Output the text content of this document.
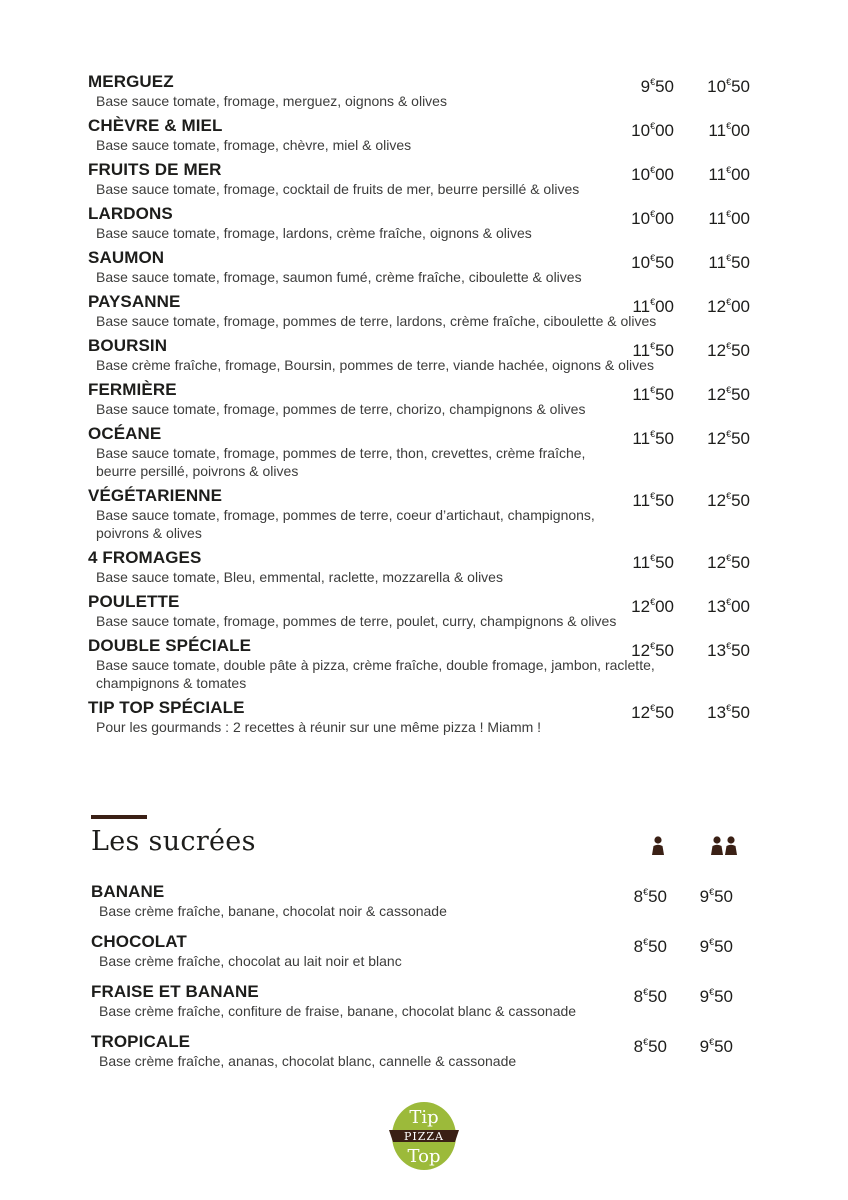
MERGUEZ	9€50 10€50
Base sauce tomate, fromage, merguez, oignons & olives
CHÈVRE & MIEL	10€00 11€00
Base sauce tomate, fromage, chèvre, miel & olives
FRUITS DE MER	10€00 11€00
Base sauce tomate, fromage, cocktail de fruits de mer, beurre persillé & olives
LARDONS	10€00 11€00
Base sauce tomate, fromage, lardons, crème fraîche, oignons & olives
SAUMON	10€50 11€50
Base sauce tomate, fromage, saumon fumé, crème fraîche, ciboulette & olives
PAYSANNE	11€00 12€00
Base sauce tomate, fromage, pommes de terre, lardons, crème fraîche, ciboulette & olives
BOURSIN	11€50 12€50
Base crème fraîche, fromage, Boursin, pommes de terre, viande hachée, oignons & olives
FERMIÈRE	11€50 12€50
Base sauce tomate, fromage, pommes de terre, chorizo, champignons & olives
OCÉANE	11€50 12€50
Base sauce tomate, fromage, pommes de terre, thon, crevettes, crème fraîche,
beurre persillé, poivrons & olives
VÉGÉTARIENNE	11€50 12€50
Base sauce tomate, fromage, pommes de terre, coeur d’artichaut, champignons,
poivrons & olives
4 FROMAGES	11€50 12€50
Base sauce tomate, Bleu, emmental, raclette, mozzarella & olives
POULETTE	12€00 13€00
Base sauce tomate, fromage, pommes de terre, poulet, curry, champignons & olives
DOUBLE SPÉCIALE	12€50 13€50
Base sauce tomate, double pâte à pizza, crème fraîche, double fromage, jambon, raclette,
champignons & tomates
TIP TOP SPÉCIALE	12€50 13€50
Pour les gourmands : 2 recettes à réunir sur une même pizza ! Miamm !
Les sucrées
BANANE	8€50 9€50
Base crème fraîche, banane, chocolat noir & cassonade
CHOCOLAT	8€50 9€50
Base crème fraîche, chocolat au lait noir et blanc
FRAISE ET BANANE	8€50 9€50
Base crème fraîche, confiture de fraise, banane, chocolat blanc & cassonade
TROPICALE	8€50 9€50
Base crème fraîche, ananas, chocolat blanc, cannelle & cassonade
Tip
PIZZA
Top
